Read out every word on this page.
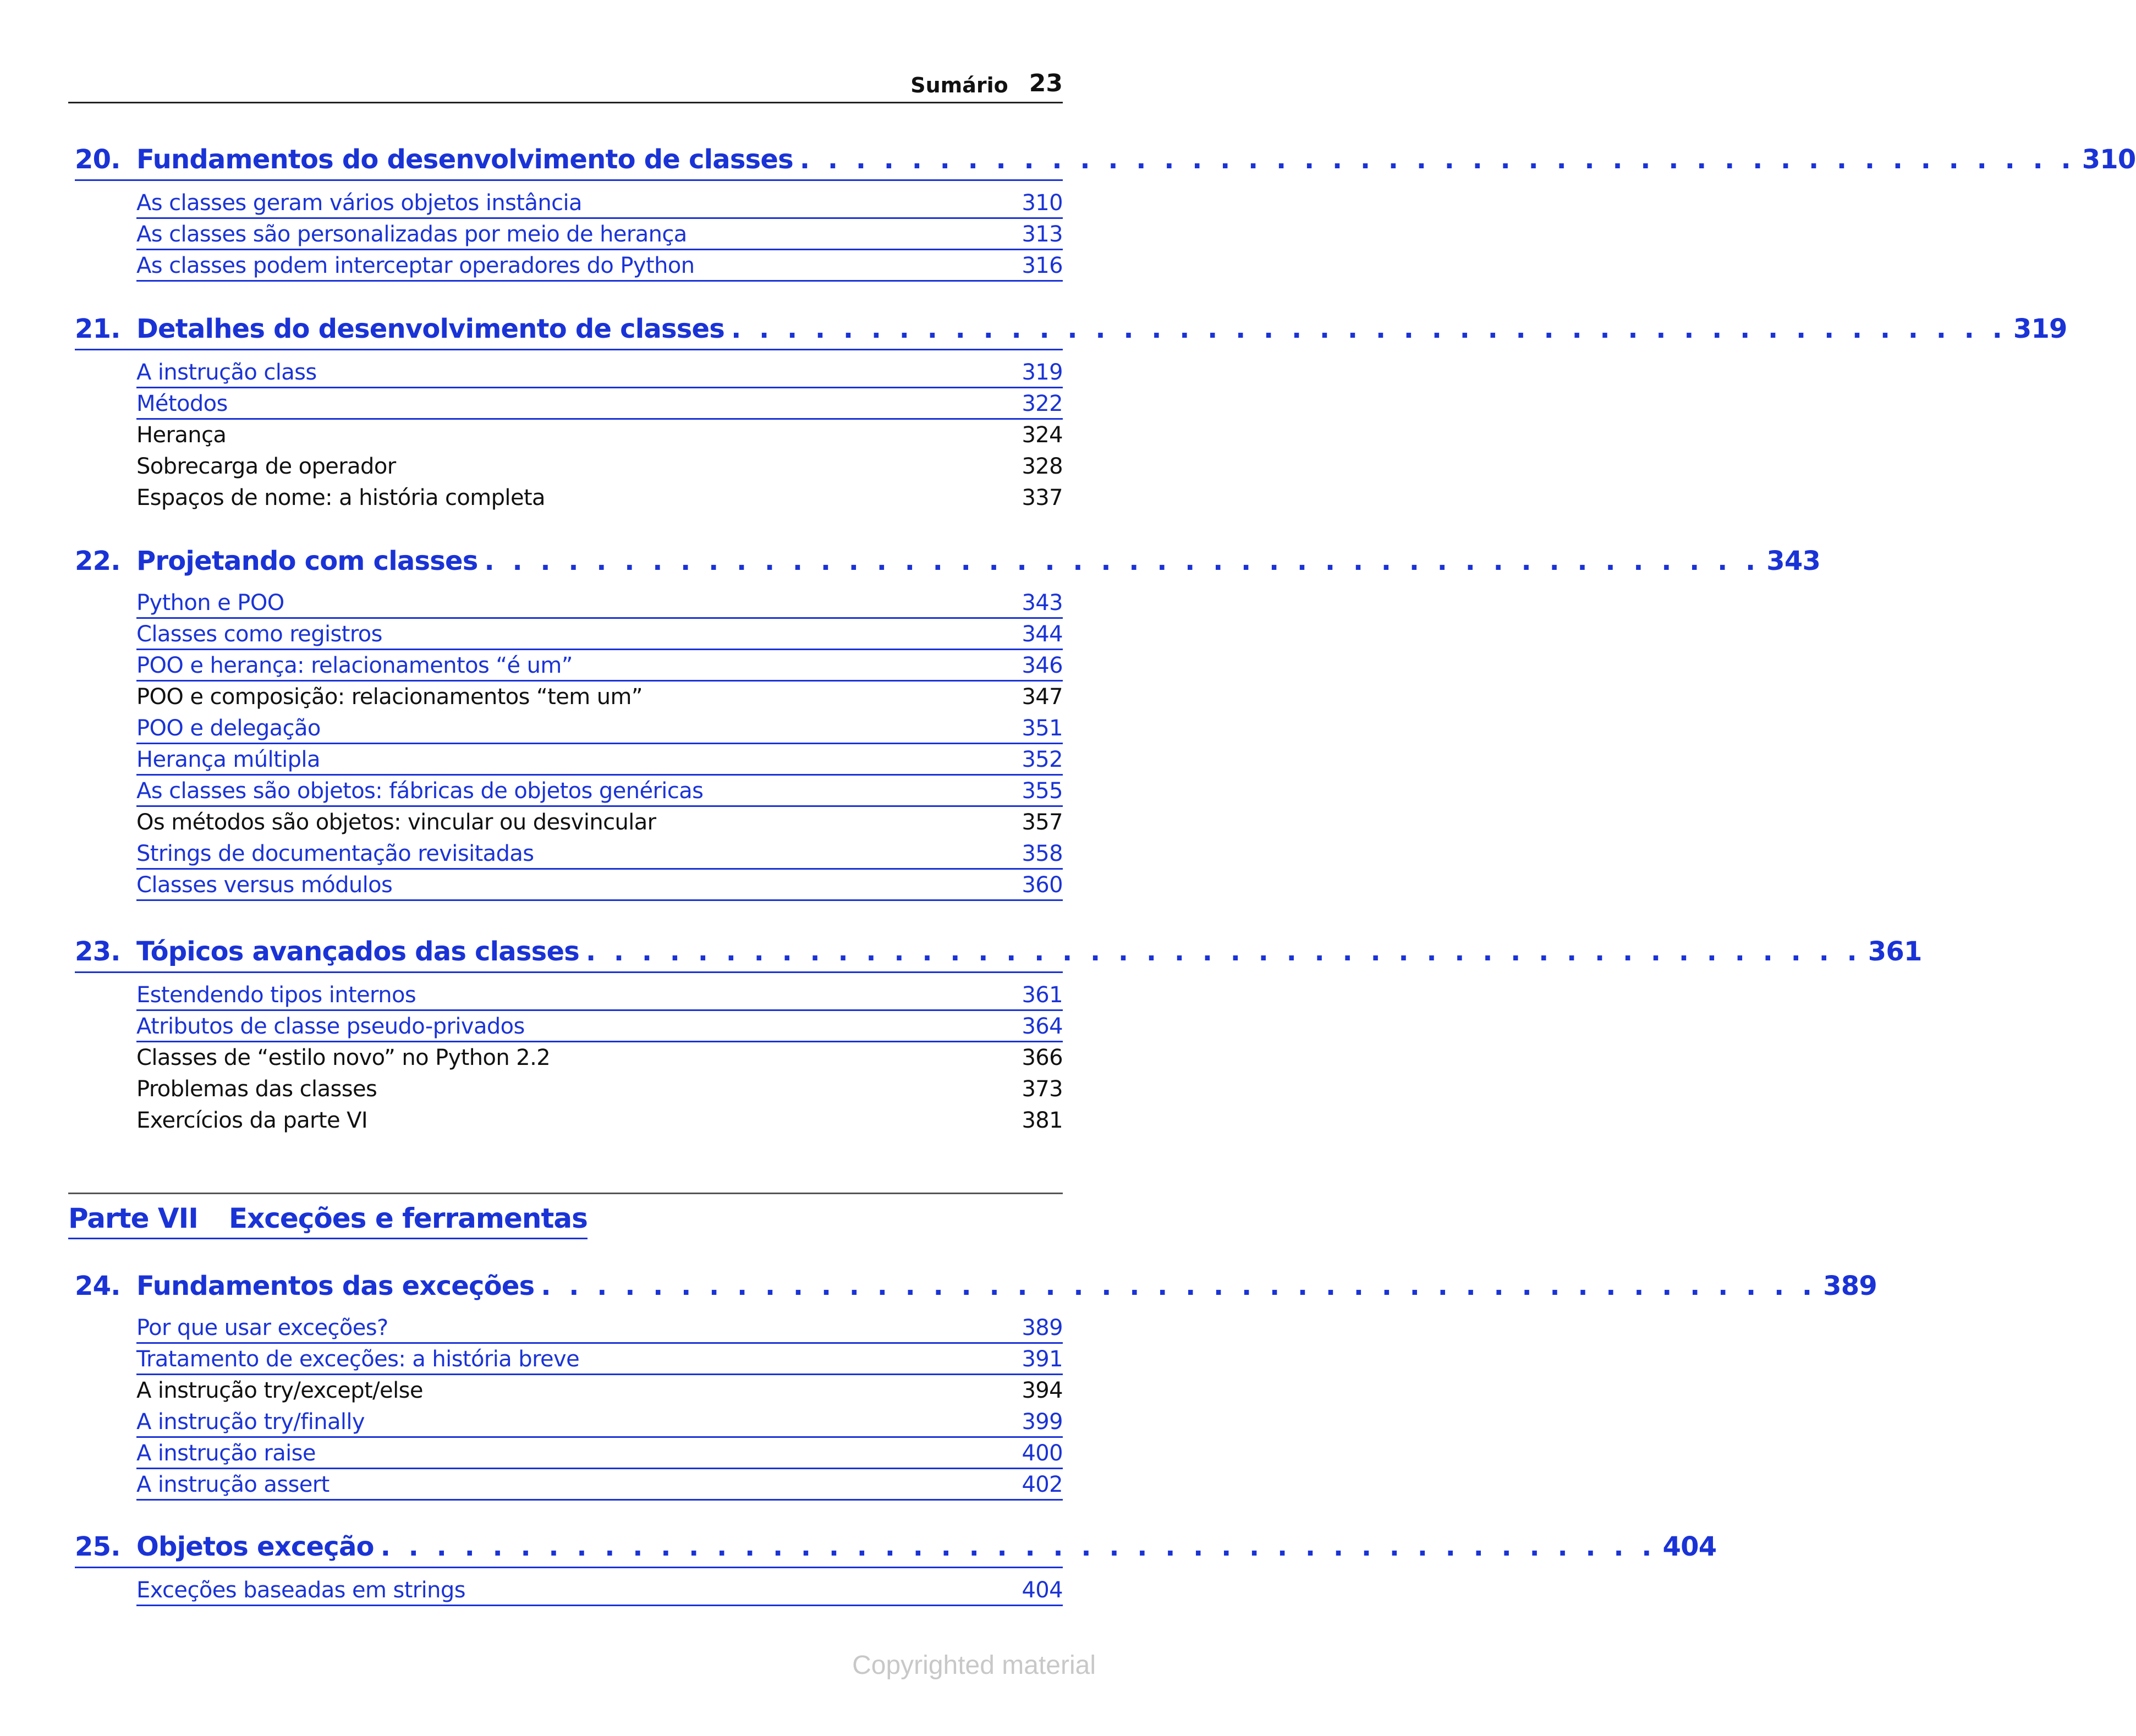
Sumário 23
20. Fundamentos do desenvolvimento de classes . . . . . . . . . . . . . . . . . . . . . . . . . . . . . . . . . . . . . . . . . . . . . . 310
As classes geram vários objetos instância	310
As classes são personalizadas por meio de herança	313
As classes podem interceptar operadores do Python	316
21. Detalhes do desenvolvimento de classes . . . . . . . . . . . . . . . . . . . . . . . . . . . . . . . . . . . . . . . . . . . . . . 319
A instrução class	319
Métodos	322
Herança	324
Sobrecarga de operador	328
Espaços de nome: a história completa	337
22. Projetando com classes . . . . . . . . . . . . . . . . . . . . . . . . . . . . . . . . . . . . . . . . . . . . . . 343
Python e POO	343
Classes como registros	344
POO e herança: relacionamentos “é um”	346
POO e composição: relacionamentos “tem um”	347
POO e delegação	351
Herança múltipla	352
As classes são objetos: fábricas de objetos genéricas	355
Os métodos são objetos: vincular ou desvincular	357
Strings de documentação revisitadas	358
Classes versus módulos	360
23. Tópicos avançados das classes . . . . . . . . . . . . . . . . . . . . . . . . . . . . . . . . . . . . . . . . . . . . . . 361
Estendendo tipos internos	361
Atributos de classe pseudo-privados	364
Classes de “estilo novo” no Python 2.2	366
Problemas das classes	373
Exercícios da parte VI	381
Parte VII Exceções e ferramentas
24. Fundamentos das exceções . . . . . . . . . . . . . . . . . . . . . . . . . . . . . . . . . . . . . . . . . . . . . . 389
Por que usar exceções?	389
Tratamento de exceções: a história breve	391
A instrução try/except/else	394
A instrução try/finally	399
A instrução raise	400
A instrução assert	402
25. Objetos exceção . . . . . . . . . . . . . . . . . . . . . . . . . . . . . . . . . . . . . . . . . . . . . . 404
Exceções baseadas em strings	404
Copyrighted material
